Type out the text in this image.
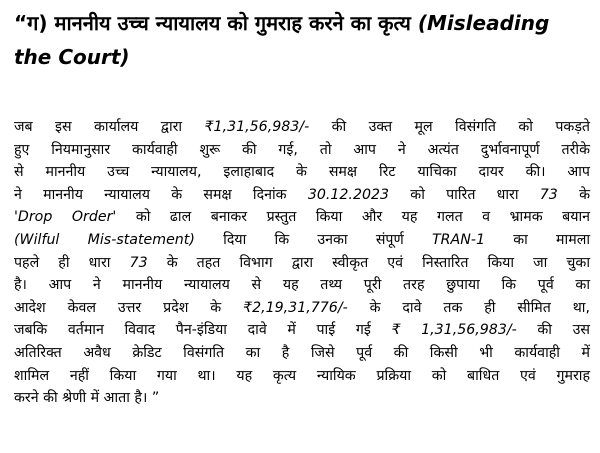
“ग) माननीय उच्च न्यायालय को गुमराह करने का कृत्य (Misleading the Court)
जब इस कार्यालय द्वारा ₹1,31,56,983/- की उक्त मूल विसंगति को पकड़ते
हुए नियमानुसार कार्यवाही शुरू की गई, तो आप ने अत्यंत दुर्भावनापूर्ण तरीके
से माननीय उच्च न्यायालय, इलाहाबाद के समक्ष रिट याचिका दायर की। आप
ने माननीय न्यायालय के समक्ष दिनांक 30.12.2023 को पारित धारा 73 के
'Drop Order' को ढाल बनाकर प्रस्तुत किया और यह गलत व भ्रामक बयान
(Wilful Mis-statement) दिया कि उनका संपूर्ण TRAN-1 का मामला
पहले ही धारा 73 के तहत विभाग द्वारा स्वीकृत एवं निस्तारित किया जा चुका
है। आप ने माननीय न्यायालय से यह तथ्य पूरी तरह छुपाया कि पूर्व का
आदेश केवल उत्तर प्रदेश के ₹2,19,31,776/- के दावे तक ही सीमित था,
जबकि वर्तमान विवाद पैन-इंडिया दावे में पाई गई ₹ 1,31,56,983/- की उस
अतिरिक्त अवैध क्रेडिट विसंगति का है जिसे पूर्व की किसी भी कार्यवाही में
शामिल नहीं किया गया था। यह कृत्य न्यायिक प्रक्रिया को बाधित एवं गुमराह
करने की श्रेणी में आता है। ”
